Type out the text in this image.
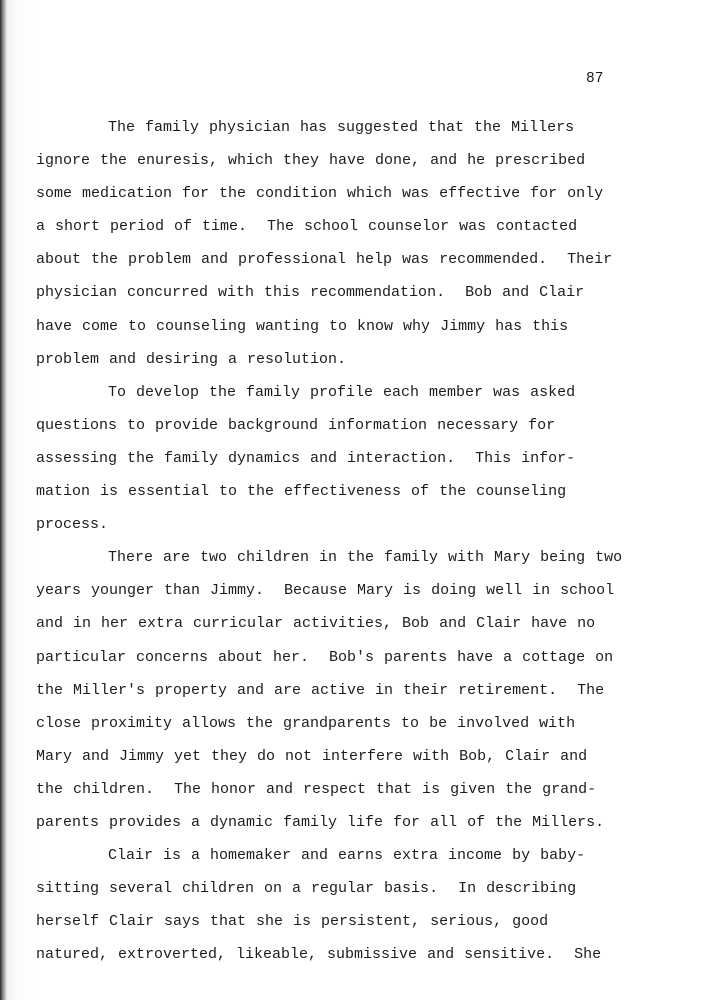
87
The family physician has suggested that the Millers
ignore the enuresis, which they have done, and he prescribed
some medication for the condition which was effective for only
a short period of time.  The school counselor was contacted
about the problem and professional help was recommended.  Their
physician concurred with this recommendation.  Bob and Clair
have come to counseling wanting to know why Jimmy has this
problem and desiring a resolution.
To develop the family profile each member was asked
questions to provide background information necessary for
assessing the family dynamics and interaction.  This infor-
mation is essential to the effectiveness of the counseling
process.
There are two children in the family with Mary being two
years younger than Jimmy.  Because Mary is doing well in school
and in her extra curricular activities, Bob and Clair have no
particular concerns about her.  Bob's parents have a cottage on
the Miller's property and are active in their retirement.  The
close proximity allows the grandparents to be involved with
Mary and Jimmy yet they do not interfere with Bob, Clair and
the children.  The honor and respect that is given the grand-
parents provides a dynamic family life for all of the Millers.
Clair is a homemaker and earns extra income by baby-
sitting several children on a regular basis.  In describing
herself Clair says that she is persistent, serious, good
natured, extroverted, likeable, submissive and sensitive.  She
